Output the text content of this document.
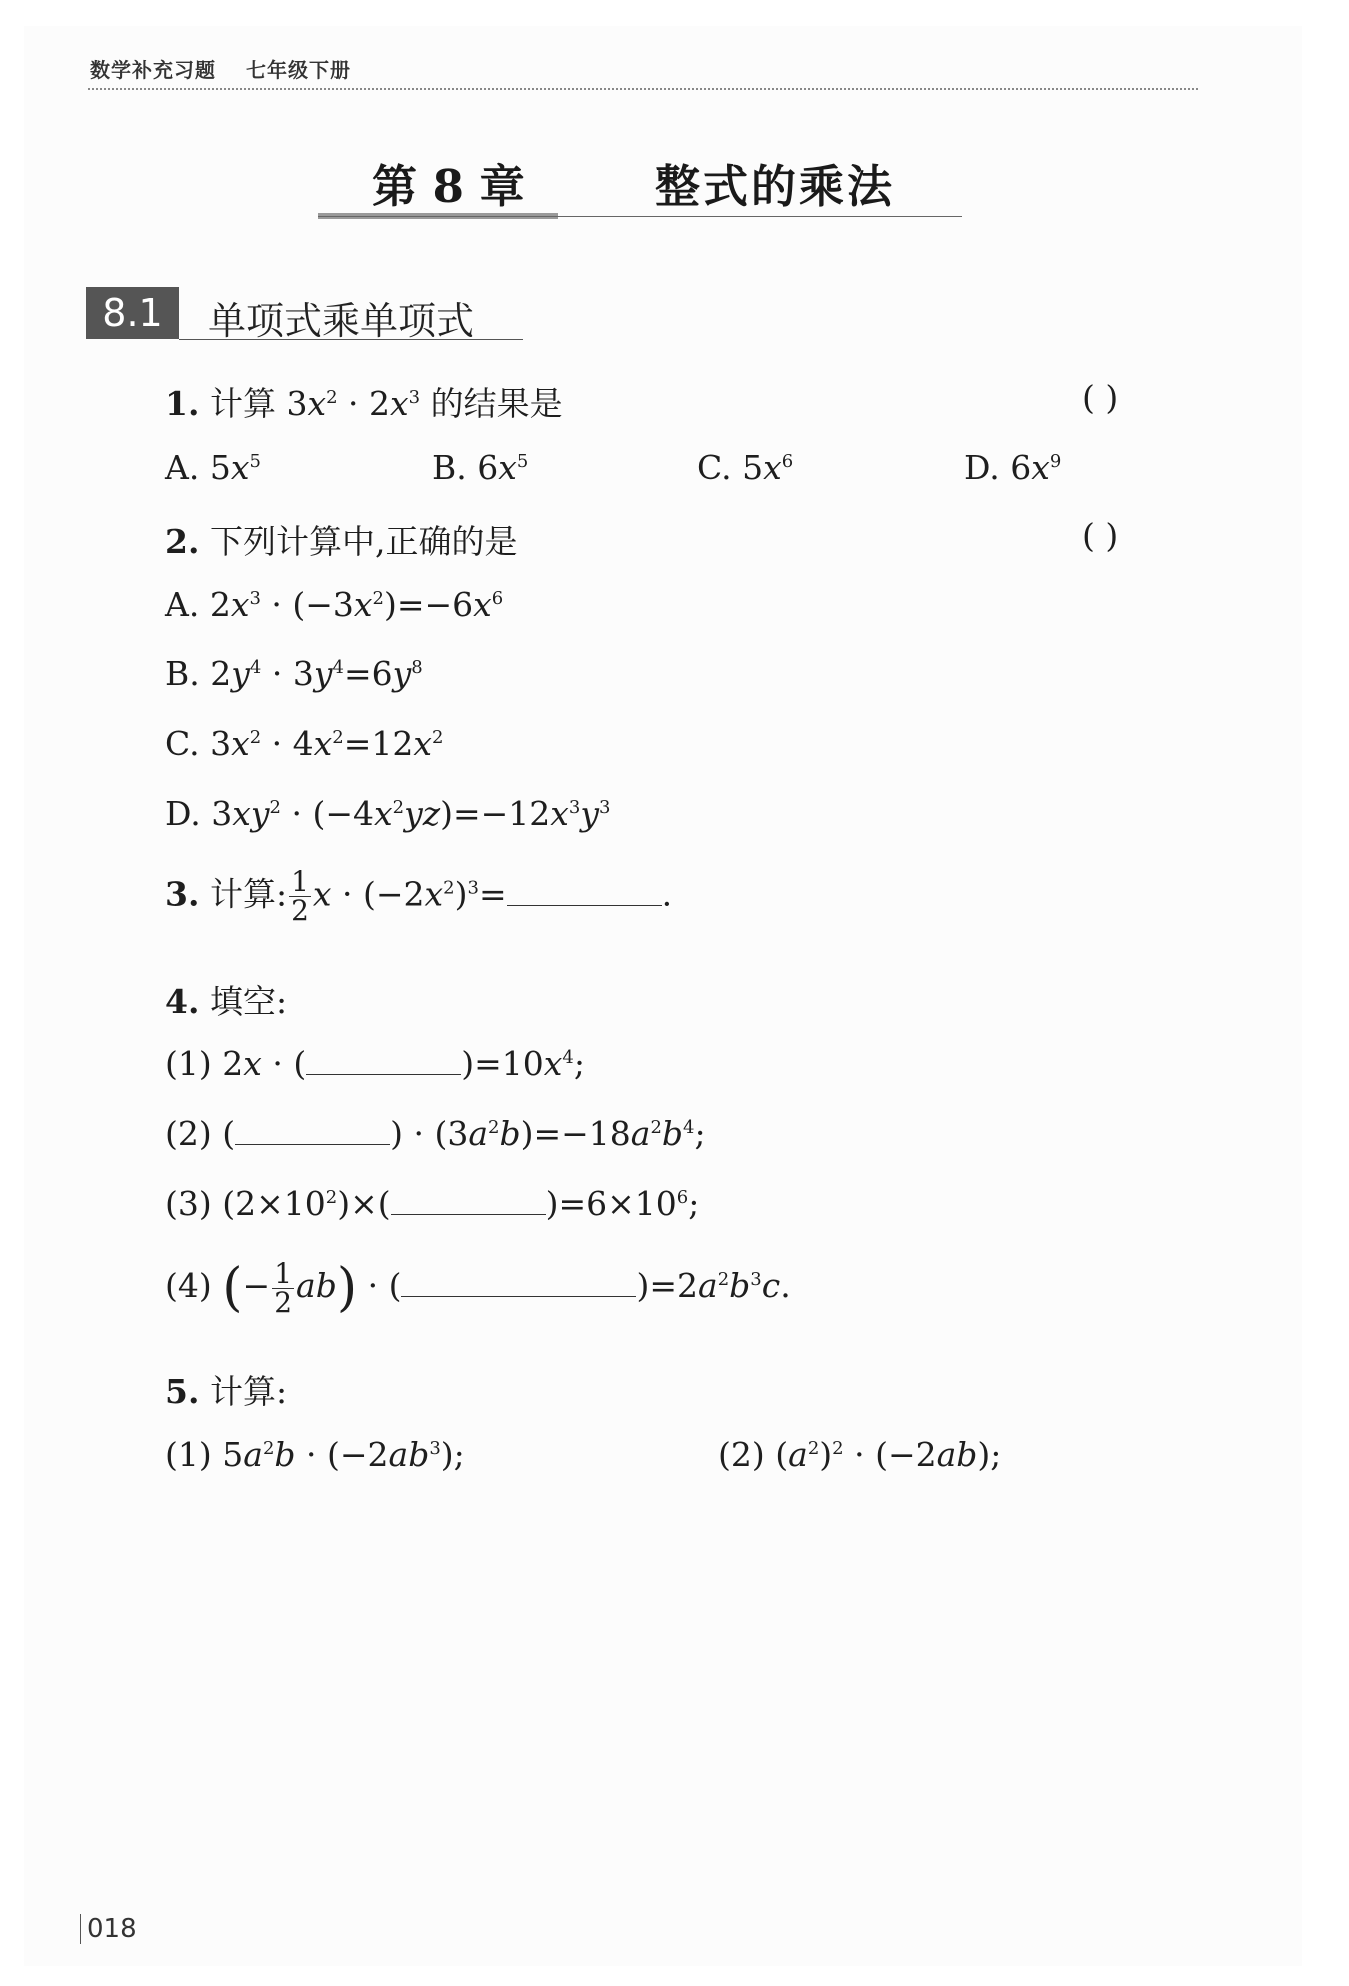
数学补充习题 七年级下册
第 8 章	整式的乘法
8.1	单项式乘单项式
1. 计算 $3x^2 \cdot 2x^3$ 的结果是	( )
A. $5x^5$	B. $6x^5$	C. $5x^6$	D. $6x^9$
2. 下列计算中,正确的是	( )
A. $2x^3 \cdot (-3x^2)=-6x^6$
B. $2y^4 \cdot 3y^4=6y^8$
C. $3x^2 \cdot 4x^2=12x^2$
D. $3xy^2 \cdot (-4x^2yz)=-12x^3y^3$
3. 计算: $\frac{1}{2}$ $x \cdot (-2x^2)^3=$	.
4. 填空:
(1) 2x · (	)$=10x^4$;
(2) (	) · $(3a^2b)=-18a^2b^4$;
(3) $(2\times 10^2)\times$(	)$=6\times 10^6$;
(4) (− $\frac{1}{2} ab$) · (	)$=2a^2b^3c$.
5. 计算:
(1) $5a^2b \cdot (-2ab^3)$;	(2) $(a^2)^2 \cdot (-2ab)$;
018
